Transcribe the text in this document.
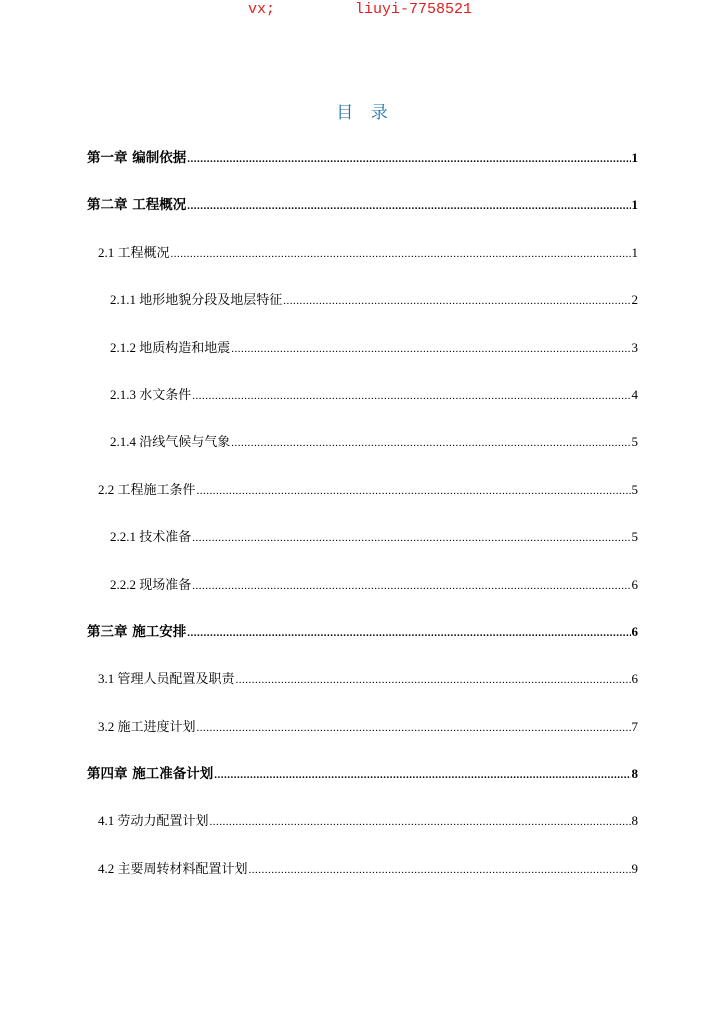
vx;	liuyi-7758521
目 录
第一章 编制依据 .....	1
第二章 工程概况 .....	1
2.1 工程概况 .....	1
2.1.1 地形地貌分段及地层特征 .....	2
2.1.2 地质构造和地震 .....	3
2.1.3 水文条件 .....	4
2.1.4 沿线气候与气象 .....	5
2.2 工程施工条件 .....	5
2.2.1 技术准备 .....	5
2.2.2 现场准备 .....	6
第三章 施工安排 .....	6
3.1 管理人员配置及职责 .....	6
3.2 施工进度计划 .....	7
第四章 施工准备计划 .....	8
4.1 劳动力配置计划 .....	8
4.2 主要周转材料配置计划 .....	9
